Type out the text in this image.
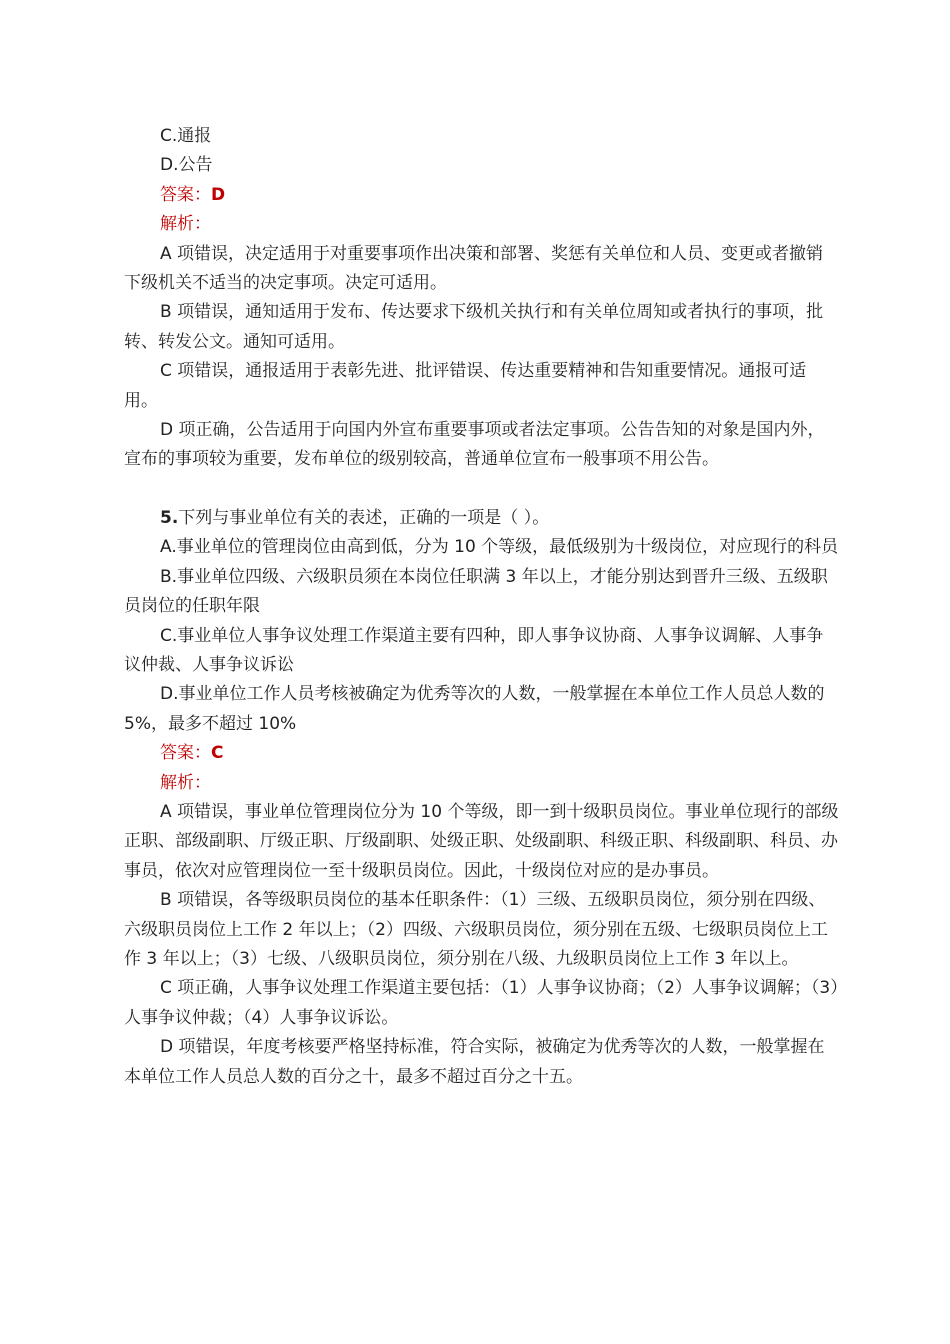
C.通报

D.公告

答案：D

解析：

A 项错误，决定适用于对重要事项作出决策和部署、奖惩有关单位和人员、变更或者撤销下级机关不适当的决定事项。决定可适用。

B 项错误，通知适用于发布、传达要求下级机关执行和有关单位周知或者执行的事项，批转、转发公文。通知可适用。

C 项错误，通报适用于表彰先进、批评错误、传达重要精神和告知重要情况。通报可适用。

D 项正确，公告适用于向国内外宣布重要事项或者法定事项。公告告知的对象是国内外，宣布的事项较为重要，发布单位的级别较高，普通单位宣布一般事项不用公告。

5.下列与事业单位有关的表述，正确的一项是（ ）。

A.事业单位的管理岗位由高到低，分为 10 个等级，最低级别为十级岗位，对应现行的科员

B.事业单位四级、六级职员须在本岗位任职满 3 年以上，才能分别达到晋升三级、五级职员岗位的任职年限

C.事业单位人事争议处理工作渠道主要有四种，即人事争议协商、人事争议调解、人事争议仲裁、人事争议诉讼

D.事业单位工作人员考核被确定为优秀等次的人数，一般掌握在本单位工作人员总人数的 5%，最多不超过 10%

答案：C

解析：

A 项错误，事业单位管理岗位分为 10 个等级，即一到十级职员岗位。事业单位现行的部级正职、部级副职、厅级正职、厅级副职、处级正职、处级副职、科级正职、科级副职、科员、办事员，依次对应管理岗位一至十级职员岗位。因此，十级岗位对应的是办事员。

B 项错误，各等级职员岗位的基本任职条件：（1）三级、五级职员岗位，须分别在四级、六级职员岗位上工作 2 年以上；（2）四级、六级职员岗位，须分别在五级、七级职员岗位上工作 3 年以上；（3）七级、八级职员岗位，须分别在八级、九级职员岗位上工作 3 年以上。

C 项正确，人事争议处理工作渠道主要包括：（1）人事争议协商；（2）人事争议调解；（3）人事争议仲裁；（4）人事争议诉讼。

D 项错误，年度考核要严格坚持标准，符合实际，被确定为优秀等次的人数，一般掌握在本单位工作人员总人数的百分之十，最多不超过百分之十五。
